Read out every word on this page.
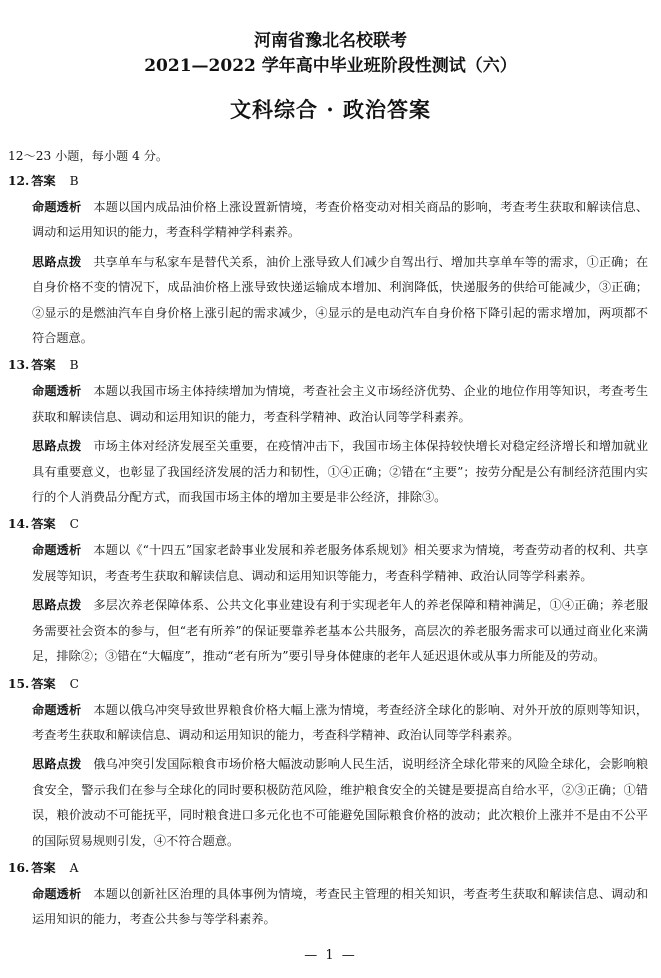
河南省豫北名校联考
2021—2022 学年高中毕业班阶段性测试（六）
文科综合 · 政治答案
12～23 小题，每小题 4 分。
12. 答案 B
命题透析 本题以国内成品油价格上涨设置新情境，考查价格变动对相关商品的影响，考查考生获取和解读信息、调动和运用知识的能力，考查科学精神学科素养。
思路点拨 共享单车与私家车是替代关系，油价上涨导致人们减少自驾出行、增加共享单车等的需求，①正确；在自身价格不变的情况下，成品油价格上涨导致快递运输成本增加、利润降低，快递服务的供给可能减少，③正确；②显示的是燃油汽车自身价格上涨引起的需求减少，④显示的是电动汽车自身价格下降引起的需求增加，两项都不符合题意。
13. 答案 B
命题透析 本题以我国市场主体持续增加为情境，考查社会主义市场经济优势、企业的地位作用等知识，考查考生获取和解读信息、调动和运用知识的能力，考查科学精神、政治认同等学科素养。
思路点拨 市场主体对经济发展至关重要，在疫情冲击下，我国市场主体保持较快增长对稳定经济增长和增加就业具有重要意义，也彰显了我国经济发展的活力和韧性，①④正确；②错在“主要”；按劳分配是公有制经济范围内实行的个人消费品分配方式，而我国市场主体的增加主要是非公经济，排除③。
14. 答案 C
命题透析 本题以《“十四五”国家老龄事业发展和养老服务体系规划》相关要求为情境，考查劳动者的权利、共享发展等知识，考查考生获取和解读信息、调动和运用知识等能力，考查科学精神、政治认同等学科素养。
思路点拨 多层次养老保障体系、公共文化事业建设有利于实现老年人的养老保障和精神满足，①④正确；养老服务需要社会资本的参与，但“老有所养”的保证要靠养老基本公共服务，高层次的养老服务需求可以通过商业化来满足，排除②；③错在“大幅度”，推动“老有所为”要引导身体健康的老年人延迟退休或从事力所能及的劳动。
15. 答案 C
命题透析 本题以俄乌冲突导致世界粮食价格大幅上涨为情境，考查经济全球化的影响、对外开放的原则等知识，考查考生获取和解读信息、调动和运用知识的能力，考查科学精神、政治认同等学科素养。
思路点拨 俄乌冲突引发国际粮食市场价格大幅波动影响人民生活，说明经济全球化带来的风险全球化，会影响粮食安全，警示我们在参与全球化的同时要积极防范风险，维护粮食安全的关键是要提高自给水平，②③正确；①错误，粮价波动不可能抚平，同时粮食进口多元化也不可能避免国际粮食价格的波动；此次粮价上涨并不是由不公平的国际贸易规则引发，④不符合题意。
16. 答案 A
命题透析 本题以创新社区治理的具体事例为情境，考查民主管理的相关知识，考查考生获取和解读信息、调动和运用知识的能力，考查公共参与等学科素养。
— 1 —
